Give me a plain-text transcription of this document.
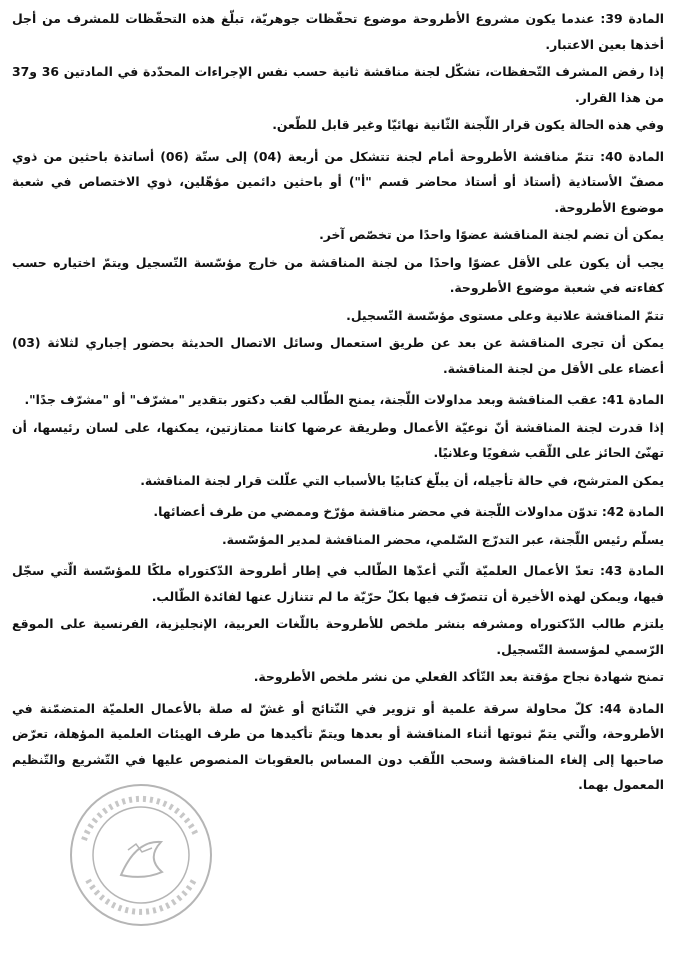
المادة 39: عندما يكون مشروع الأطروحة موضوع تحفّظات جوهريّة، تبلّغ هذه التحفّظات للمشرف من أجل أخذها بعين الاعتبار.

إذا رفض المشرف التّحفظات، تشكّل لجنة مناقشة ثانية حسب نفس الإجراءات المحدّدة في المادتين 36 و37 من هذا القرار.

وفي هذه الحالة يكون قرار اللّجنة الثّانية نهائيّا وغير قابل للطّعن.

المادة 40: تتمّ مناقشة الأطروحة أمام لجنة تتشكل من أربعة (04) إلى ستّة (06) أساتذة باحثين من ذوي مصفّ الأستاذية (أستاذ أو أستاذ محاضر قسم "أ") أو باحثين دائمين مؤهّلين، ذوي الاختصاص في شعبة موضوع الأطروحة.

يمكن أن تضم لجنة المناقشة عضوًا واحدًا من تخصّص آخر.

يجب أن يكون على الأقل عضوًا واحدًا من لجنة المناقشة من خارج مؤسّسة التّسجيل ويتمّ اختياره حسب كفاءته في شعبة موضوع الأطروحة.

تتمّ المناقشة علانية وعلى مستوى مؤسّسة التّسجيل.

يمكن أن تجرى المناقشة عن بعد عن طريق استعمال وسائل الاتصال الحديثة بحضور إجباري لثلاثة (03) أعضاء على الأقل من لجنة المناقشة.

المادة 41: عقب المناقشة وبعد مداولات اللّجنة، يمنح الطّالب لقب دكتور بتقدير "مشرّف" أو "مشرّف جدًا".

إذا قدرت لجنة المناقشة أنّ نوعيّة الأعمال وطريقة عرضها كانتا ممتازتين، يمكنها، على لسان رئيسها، أن تهنّئ الحائز على اللّقب شفويًا وعلانيًا.

يمكن المترشح، في حالة تأجيله، أن يبلّغ كتابيًا بالأسباب التي علّلت قرار لجنة المناقشة.

المادة 42: تدوّن مداولات اللّجنة في محضر مناقشة مؤرّخ وممضي من طرف أعضائها.

يسلّم رئيس اللّجنة، عبر التدرّج السّلمي، محضر المناقشة لمدير المؤسّسة.

المادة 43: تعدّ الأعمال العلميّة الّتي أعدّها الطّالب في إطار أطروحة الدّكتوراه ملكًا للمؤسّسة الّتي سجّل فيها، ويمكن لهذه الأخيرة أن تتصرّف فيها بكلّ حرّيّة ما لم تتنازل عنها لفائدة الطّالب.

يلتزم طالب الدّكتوراه ومشرفه بنشر ملخص للأطروحة باللّغات العربية، الإنجليزية، الفرنسية على الموقع الرّسمي لمؤسسة التّسجيل.

تمنح شهادة نجاح مؤقتة بعد التّأكد الفعلي من نشر ملخص الأطروحة.

المادة 44: كلّ محاولة سرقة علمية أو تزوير في النّتائج أو غشّ له صلة بالأعمال العلميّة المتضمّنة في الأطروحة، والّتي يتمّ ثبوتها أثناء المناقشة أو بعدها ويتمّ تأكيدها من طرف الهيئات العلمية المؤهلة، تعرّض صاحبها إلى إلغاء المناقشة وسحب اللّقب دون المساس بالعقوبات المنصوص عليها في التّشريع والتّنظيم المعمول بهما.
